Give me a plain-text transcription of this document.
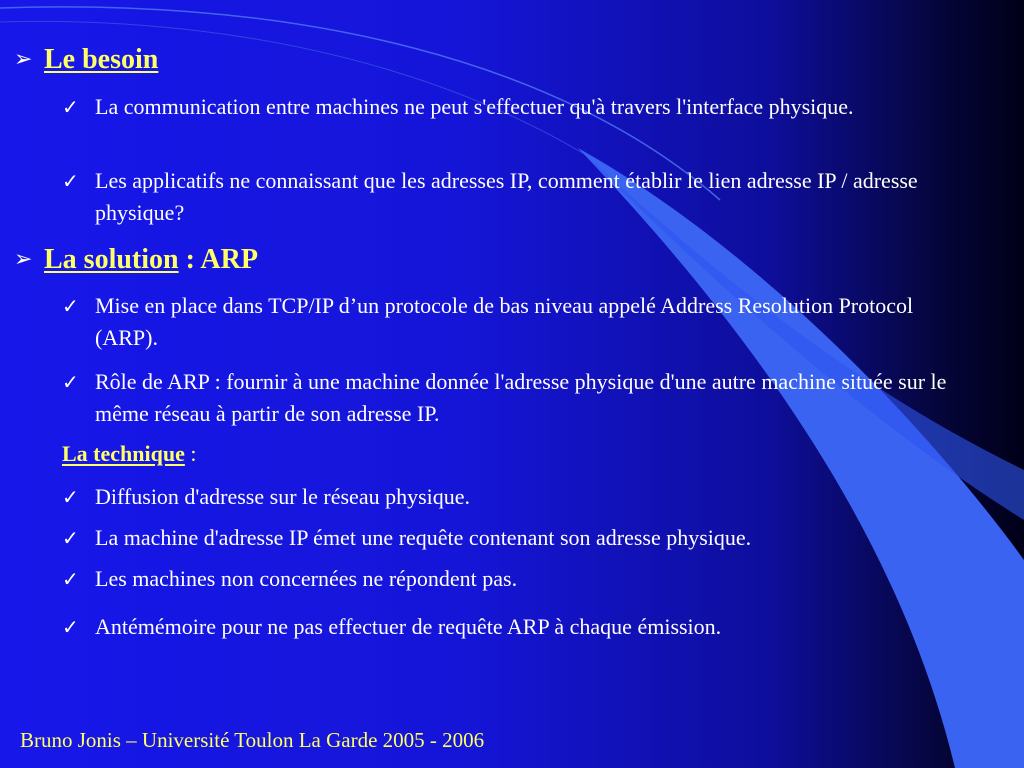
➢ Le besoin
✓ La communication entre machines ne peut s'effectuer qu'à travers l'interface physique.
✓ Les applicatifs ne connaissant que les adresses IP, comment établir le lien adresse IP / adresse physique?
➢ La solution : ARP
✓ Mise en place dans TCP/IP d’un protocole de bas niveau appelé Address Resolution Protocol (ARP).
✓ Rôle de ARP : fournir à une machine donnée l'adresse physique d'une autre machine située sur le même réseau à partir de son adresse IP.
La technique :
✓ Diffusion d'adresse sur le réseau physique.
✓ La machine d'adresse IP émet une requête contenant son adresse physique.
✓ Les machines non concernées ne répondent pas.
✓ Antémémoire pour ne pas effectuer de requête ARP à chaque émission.
Bruno Jonis – Université Toulon La Garde 2005 - 2006
